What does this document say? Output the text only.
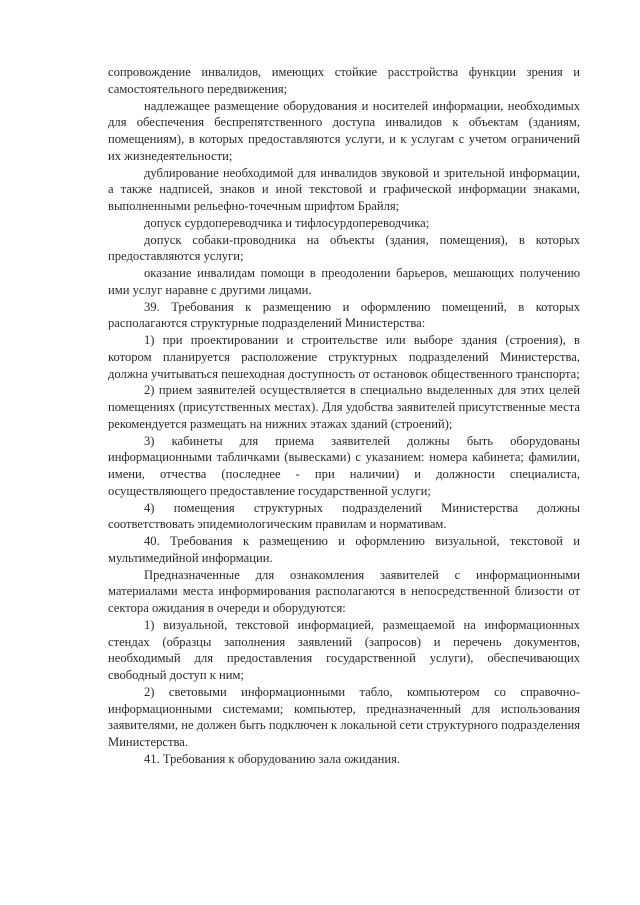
сопровождение инвалидов, имеющих стойкие расстройства функции зрения и самостоятельного передвижения;

надлежащее размещение оборудования и носителей информации, необходимых для обеспечения беспрепятственного доступа инвалидов к объектам (зданиям, помещениям), в которых предоставляются услуги, и к услугам с учетом ограничений их жизнедеятельности;

дублирование необходимой для инвалидов звуковой и зрительной информации, а также надписей, знаков и иной текстовой и графической информации знаками, выполненными рельефно-точечным шрифтом Брайля;

допуск сурдопереводчика и тифлосурдопереводчика;

допуск собаки-проводника на объекты (здания, помещения), в которых предоставляются услуги;

оказание инвалидам помощи в преодолении барьеров, мешающих получению ими услуг наравне с другими лицами.

39. Требования к размещению и оформлению помещений, в которых располагаются структурные подразделений Министерства:

1) при проектировании и строительстве или выборе здания (строения), в котором планируется расположение структурных подразделений Министерства, должна учитываться пешеходная доступность от остановок общественного транспорта;

2) прием заявителей осуществляется в специально выделенных для этих целей помещениях (присутственных местах). Для удобства заявителей присутственные места рекомендуется размещать на нижних этажах зданий (строений);

3) кабинеты для приема заявителей должны быть оборудованы информационными табличками (вывесками) с указанием: номера кабинета; фамилии, имени, отчества (последнее - при наличии) и должности специалиста, осуществляющего предоставление государственной услуги;

4) помещения структурных подразделений Министерства должны соответствовать эпидемиологическим правилам и нормативам.

40. Требования к размещению и оформлению визуальной, текстовой и мультимедийной информации.

Предназначенные для ознакомления заявителей с информационными материалами места информирования располагаются в непосредственной близости от сектора ожидания в очереди и оборудуются:

1) визуальной, текстовой информацией, размещаемой на информационных стендах (образцы заполнения заявлений (запросов) и перечень документов, необходимый для предоставления государственной услуги), обеспечивающих свободный доступ к ним;

2) световыми информационными табло, компьютером со справочно-информационными системами; компьютер, предназначенный для использования заявителями, не должен быть подключен к локальной сети структурного подразделения Министерства.

41. Требования к оборудованию зала ожидания.
